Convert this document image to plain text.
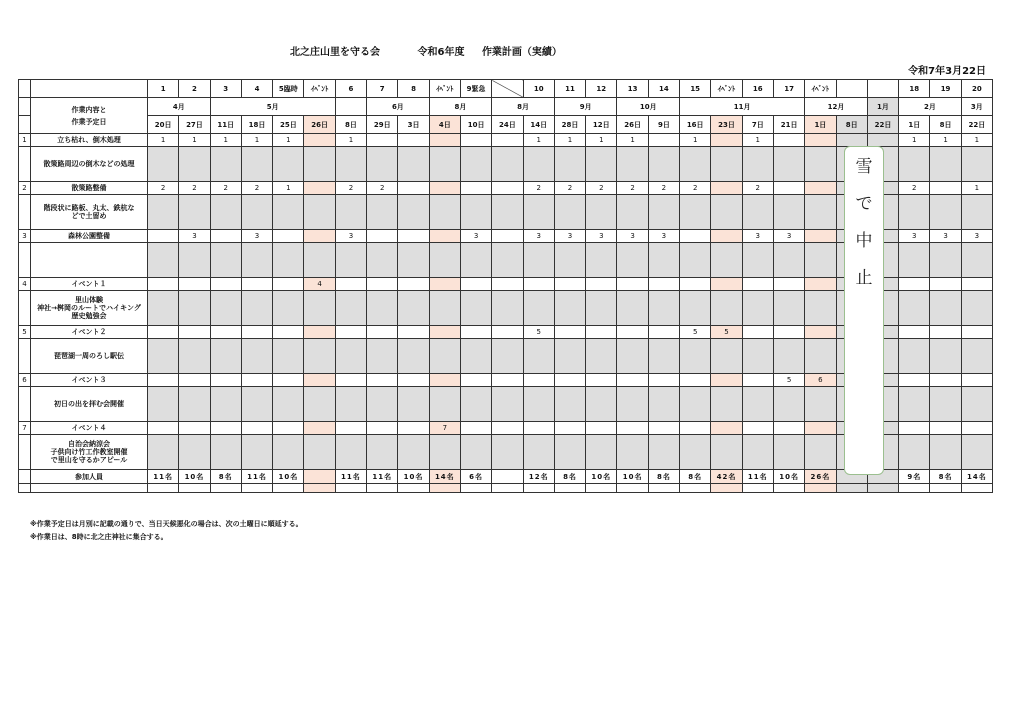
北之庄山里を守る会	令和6年度 作業計画（実績）
令和7年3月22日
		1	2	3	4	5臨時	ｲﾍﾞﾝﾄ	6	7	8	ｲﾍﾞﾝﾄ	9緊急		10	11	12	13	14	15	ｲﾍﾞﾝﾄ	16	17	ｲﾍﾞﾝﾄ			18	19	20

	作業内容と
作業予定日	4月		5月					6月		8月		8月		9月		10月		11月				12月		1月	2月		3月
		20日	27日	11日	18日	25日	26日	8日	29日	3日	4日	10日	24日	14日	28日	12日	26日	9日	16日	23日	7日	21日	1日	8日	22日	1日	8日	22日
1	立ち枯れ、倒木処理	1	1	1	1	1		1						1	1	1	1		1		1					1	1	1

	散策路周辺の倒木などの処理																											

2	散策路整備	2	2	2	2	1		2	2					2	2	2	2	2	2		2					2		1

	階段状に路板、丸太、鉄杭な
どで土留め																											

3	森林公園整備		3		3			3				3		3	3	3	3	3			3	3				3	3	3

4	イベント１						4																					

	里山体験
神社→桝岡のルートでハイキング
歴史勉強会																											

5	イベント２													5					5	5								

	琵琶湖一周のろし駅伝																											

6	イベント３																					5	6					

	初日の出を拝む会開催																											

7	イベント４										7																	

	自治会納涼会
子供向け竹工作教室開催
で里山を守るかアピール																											

	参加人員	11名	10名	8名	11名	10名		11名	11名	10名	14名	6名		12名	8名	10名	10名	8名	8名	42名	11名	10名	26名			9名	8名	14名

雪
で
中
止
※作業予定日は月別に記載の通りで、当日天候悪化の場合は、次の土曜日に順延する。
※作業日は、8時に北之庄神社に集合する。
